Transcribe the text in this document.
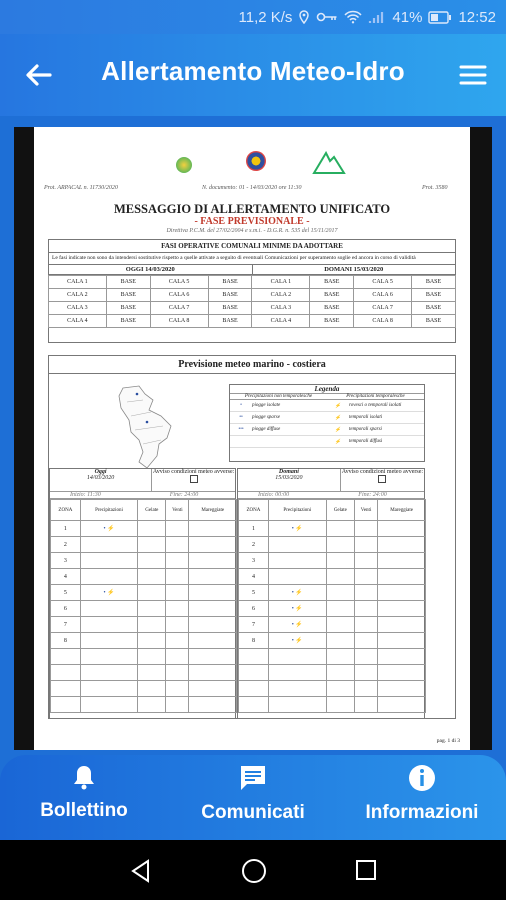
11,2 K/s	41% 12:52
Allertamento Meteo-Idro
Prot. ARPACAL n. 11730/2020	N. documento: 01 - 14/03/2020 ore 11:30	Prot. 3580
MESSAGGIO DI ALLERTAMENTO UNIFICATO
- FASE PREVISIONALE -
Direttiva P.C.M. del 27/02/2004 e s.m.i. - D.G.R. n. 535 del 15/11/2017
FASI OPERATIVE COMUNALI MINIME DA ADOTTARE
Le fasi indicate non sono da intendersi sostitutive rispetto a quelle attivate a seguito di eventuali Comunicazioni per superamento soglie ed ancora in corso di validità
OGGI 14/03/2020	DOMANI 15/03/2020
CALA 1	BASE	CALA 5	BASE	CALA 1	BASE	CALA 5	BASE
CALA 2	BASE	CALA 6	BASE	CALA 2	BASE	CALA 6	BASE
CALA 3	BASE	CALA 7	BASE	CALA 3	BASE	CALA 7	BASE
CALA 4	BASE	CALA 8	BASE	CALA 4	BASE	CALA 8	BASE
Previsione meteo marino - costiera
Legenda
Precipitazioni non temporalesche	Precipitazioni temporalesche
•	piogge isolate	⚡	rovesci o temporali isolati
••	piogge sparse	⚡	temporali isolati
•••	piogge diffuse	⚡	temporali sparsi
⚡	temporali diffusi
Oggi
14/03/2020
Avviso condizioni meteo avverse:
Inizio: 11:30	Fine: 24:00
ZONA	Precipitazioni	Gelate	Venti	Mareggiate
1	• ⚡			
2				
3				
4				
5	• ⚡			
6				
7				
8				

Domani
15/03/2020
Avviso condizioni meteo avverse:
Inizio: 00:00	Fine: 24:00
ZONA	Precipitazioni	Gelate	Venti	Mareggiate
1	• ⚡			
2				
3				
4				
5	• ⚡			
6	• ⚡			
7	• ⚡			
8	• ⚡			

pag. 1 di 3
Bollettino	Comunicati	Informazioni
